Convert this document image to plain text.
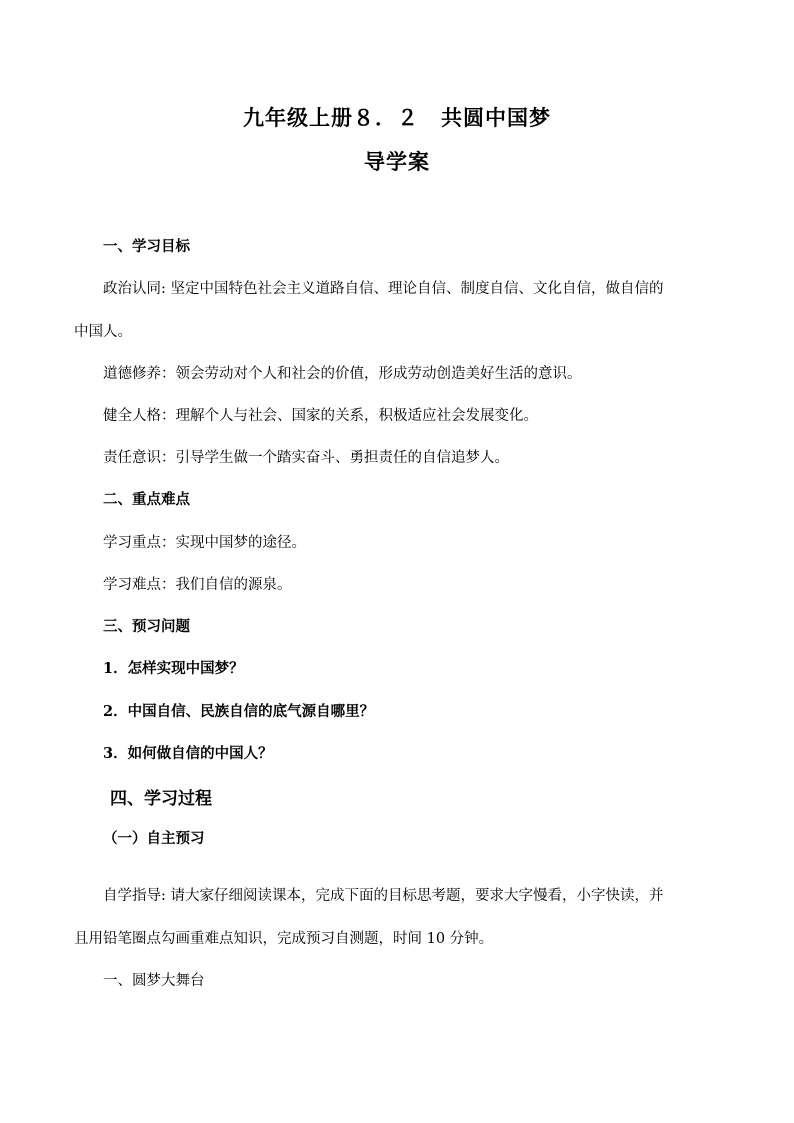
九年级上册８．２　共圆中国梦
导学案
一、学习目标
政治认同: 坚定中国特色社会主义道路自信、理论自信、制度自信、文化自信，做自信的
中国人。
道德修养：领会劳动对个人和社会的价值，形成劳动创造美好生活的意识。
健全人格：理解个人与社会、国家的关系，积极适应社会发展变化。
责任意识：引导学生做一个踏实奋斗、勇担责任的自信追梦人。
二、重点难点
学习重点：实现中国梦的途径。
学习难点：我们自信的源泉。
三、预习问题
1．怎样实现中国梦？
2．中国自信、民族自信的底气源自哪里？
3．如何做自信的中国人？
四、学习过程
（一）自主预习
自学指导: 请大家仔细阅读课本，完成下面的目标思考题，要求大字慢看，小字快读，并
且用铅笔圈点勾画重难点知识，完成预习自测题，时间 10 分钟。
一、圆梦大舞台
